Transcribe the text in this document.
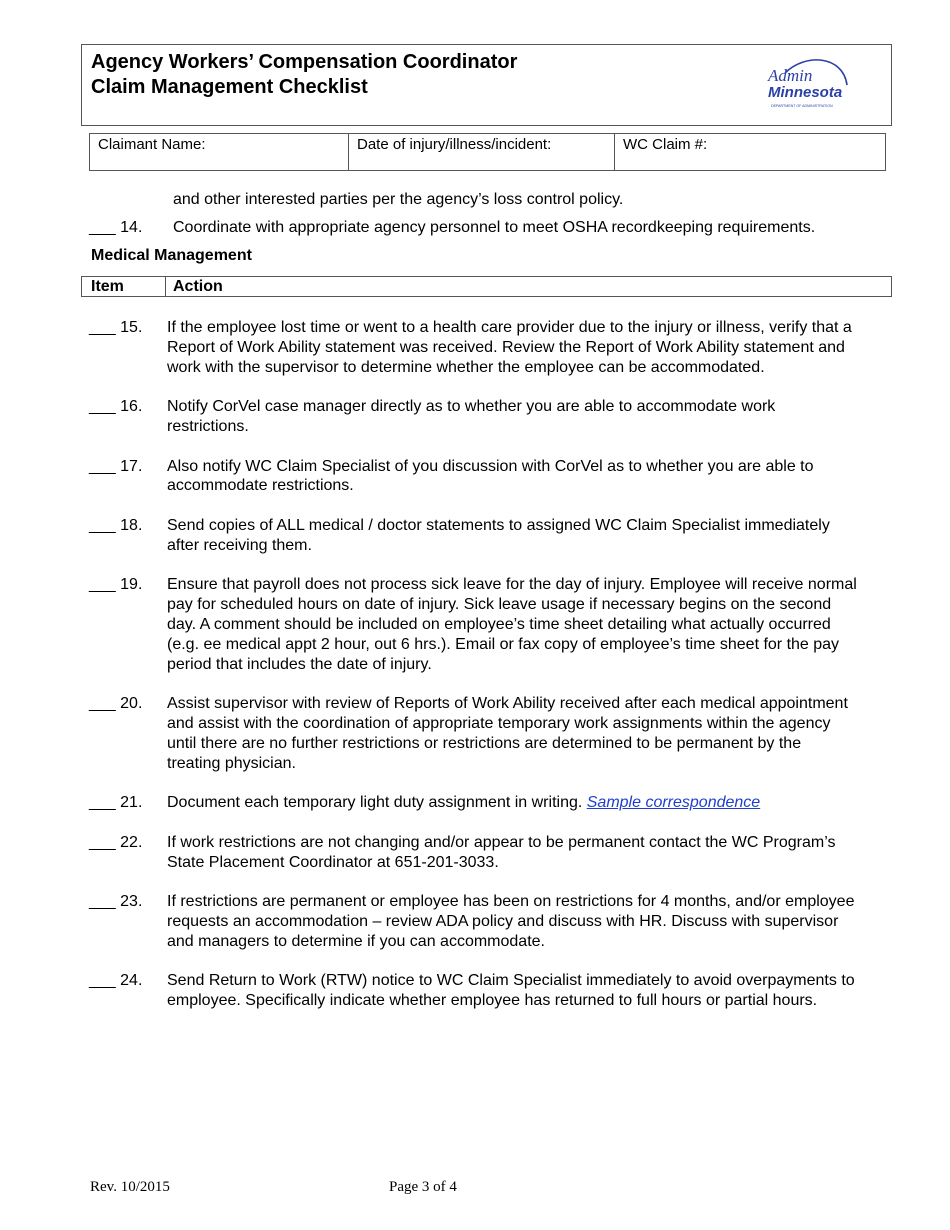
Agency Workers’ Compensation Coordinator
Claim Management Checklist
Admin
Minnesota
DEPARTMENT OF ADMINISTRATION
Claimant Name:	Date of injury/illness/incident:	WC Claim #:
and other interested parties per the agency’s loss control policy.
___ 14. Coordinate with appropriate agency personnel to meet OSHA recordkeeping requirements.
Medical Management
Item	Action
___ 15.	If the employee lost time or went to a health care provider due to the injury or illness, verify that a Report of Work Ability statement was received. Review the Report of Work Ability statement and work with the supervisor to determine whether the employee can be accommodated.
___ 16.	Notify CorVel case manager directly as to whether you are able to accommodate work restrictions.
___ 17.	Also notify WC Claim Specialist of you discussion with CorVel as to whether you are able to accommodate restrictions.
___ 18.	Send copies of ALL medical / doctor statements to assigned WC Claim Specialist immediately after receiving them.
___ 19.	Ensure that payroll does not process sick leave for the day of injury. Employee will receive normal pay for scheduled hours on date of injury. Sick leave usage if necessary begins on the second day. A comment should be included on employee’s time sheet detailing what actually occurred (e.g. ee medical appt 2 hour, out 6 hrs.). Email or fax copy of employee’s time sheet for the pay period that includes the date of injury.
___ 20.	Assist supervisor with review of Reports of Work Ability received after each medical appointment and assist with the coordination of appropriate temporary work assignments within the agency until there are no further restrictions or restrictions are determined to be permanent by the treating physician.
___ 21.	Document each temporary light duty assignment in writing. Sample correspondence
___ 22.	If work restrictions are not changing and/or appear to be permanent contact the WC Program’s State Placement Coordinator at 651-201-3033.
___ 23.	If restrictions are permanent or employee has been on restrictions for 4 months, and/or employee requests an accommodation – review ADA policy and discuss with HR. Discuss with supervisor and managers to determine if you can accommodate.
___ 24.	Send Return to Work (RTW) notice to WC Claim Specialist immediately to avoid overpayments to employee. Specifically indicate whether employee has returned to full hours or partial hours.
Rev. 10/2015	Page 3 of 4
